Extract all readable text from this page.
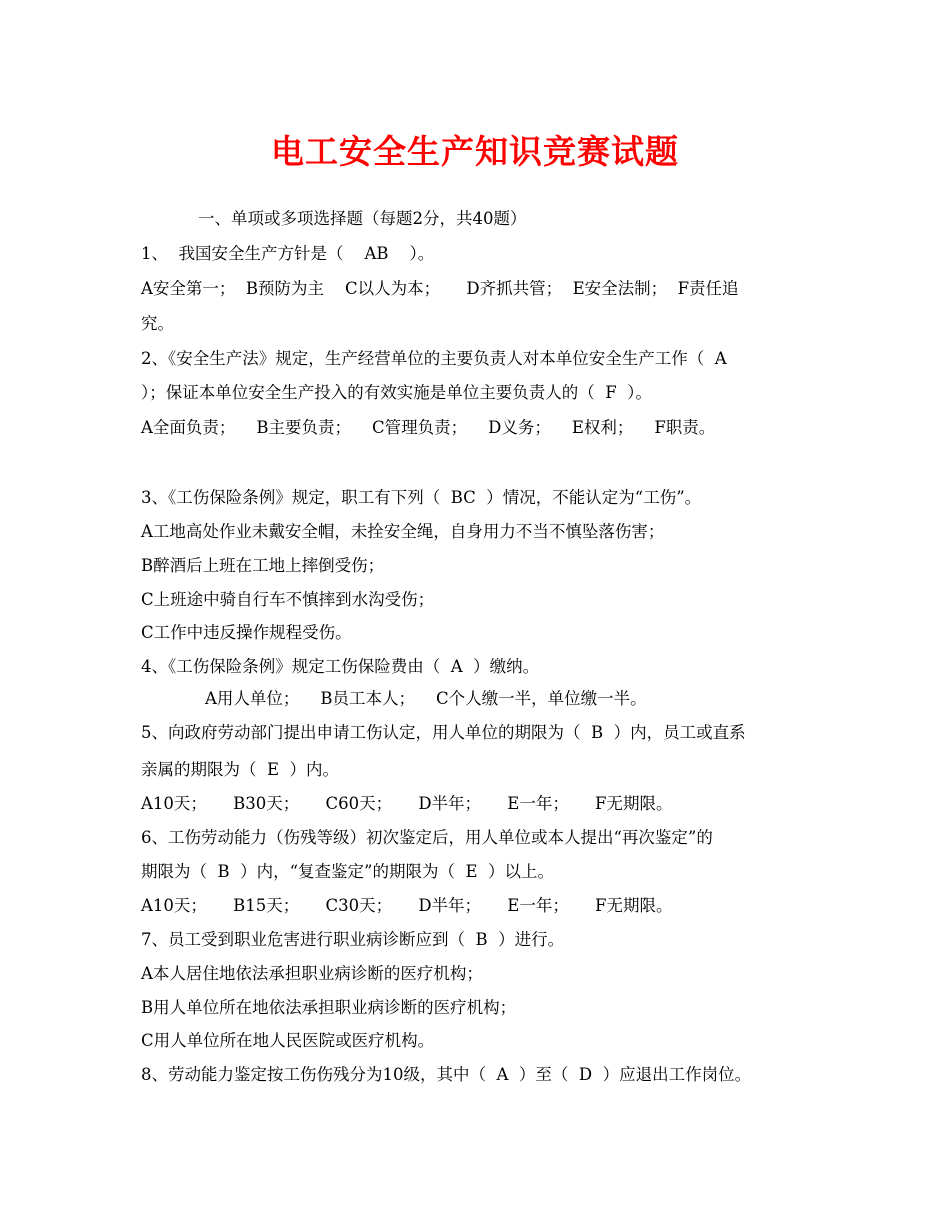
电工安全生产知识竞赛试题
一、单项或多项选择题（每题2分，共40题）
1、  我国安全生产方针是（    AB    ）。
A安全第一；  B预防为主    C以人为本；     D齐抓共管；  E安全法制；  F责任追
究。
2、《安全生产法》规定，生产经营单位的主要负责人对本单位安全生产工作（  A
）；保证本单位安全生产投入的有效实施是单位主要负责人的（  F  ）。
A全面负责；    B主要负责；    C管理负责；    D义务；    E权利；    F职责。
3、《工伤保险条例》规定，职工有下列（  BC  ）情况，不能认定为“工伤”。
A工地高处作业未戴安全帽，未拴安全绳，自身用力不当不慎坠落伤害；
B醉酒后上班在工地上摔倒受伤；
C上班途中骑自行车不慎摔到水沟受伤；
C工作中违反操作规程受伤。
4、《工伤保险条例》规定工伤保险费由（  A  ）缴纳。
A用人单位；    B员工本人；    C个人缴一半，单位缴一半。
5、向政府劳动部门提出申请工伤认定，用人单位的期限为（  B  ）内，员工或直系
亲属的期限为（  E  ）内。
A10天；     B30天；     C60天；     D半年；     E一年；     F无期限。
6、工伤劳动能力（伤残等级）初次鉴定后，用人单位或本人提出“再次鉴定”的
期限为（  B  ）内，“复查鉴定”的期限为（  E  ）以上。
A10天；     B15天；     C30天；     D半年；     E一年；     F无期限。
7、员工受到职业危害进行职业病诊断应到（  B  ）进行。
A本人居住地依法承担职业病诊断的医疗机构；
B用人单位所在地依法承担职业病诊断的医疗机构；
C用人单位所在地人民医院或医疗机构。
8、劳动能力鉴定按工伤伤残分为10级，其中（  A  ）至（  D  ）应退出工作岗位。
